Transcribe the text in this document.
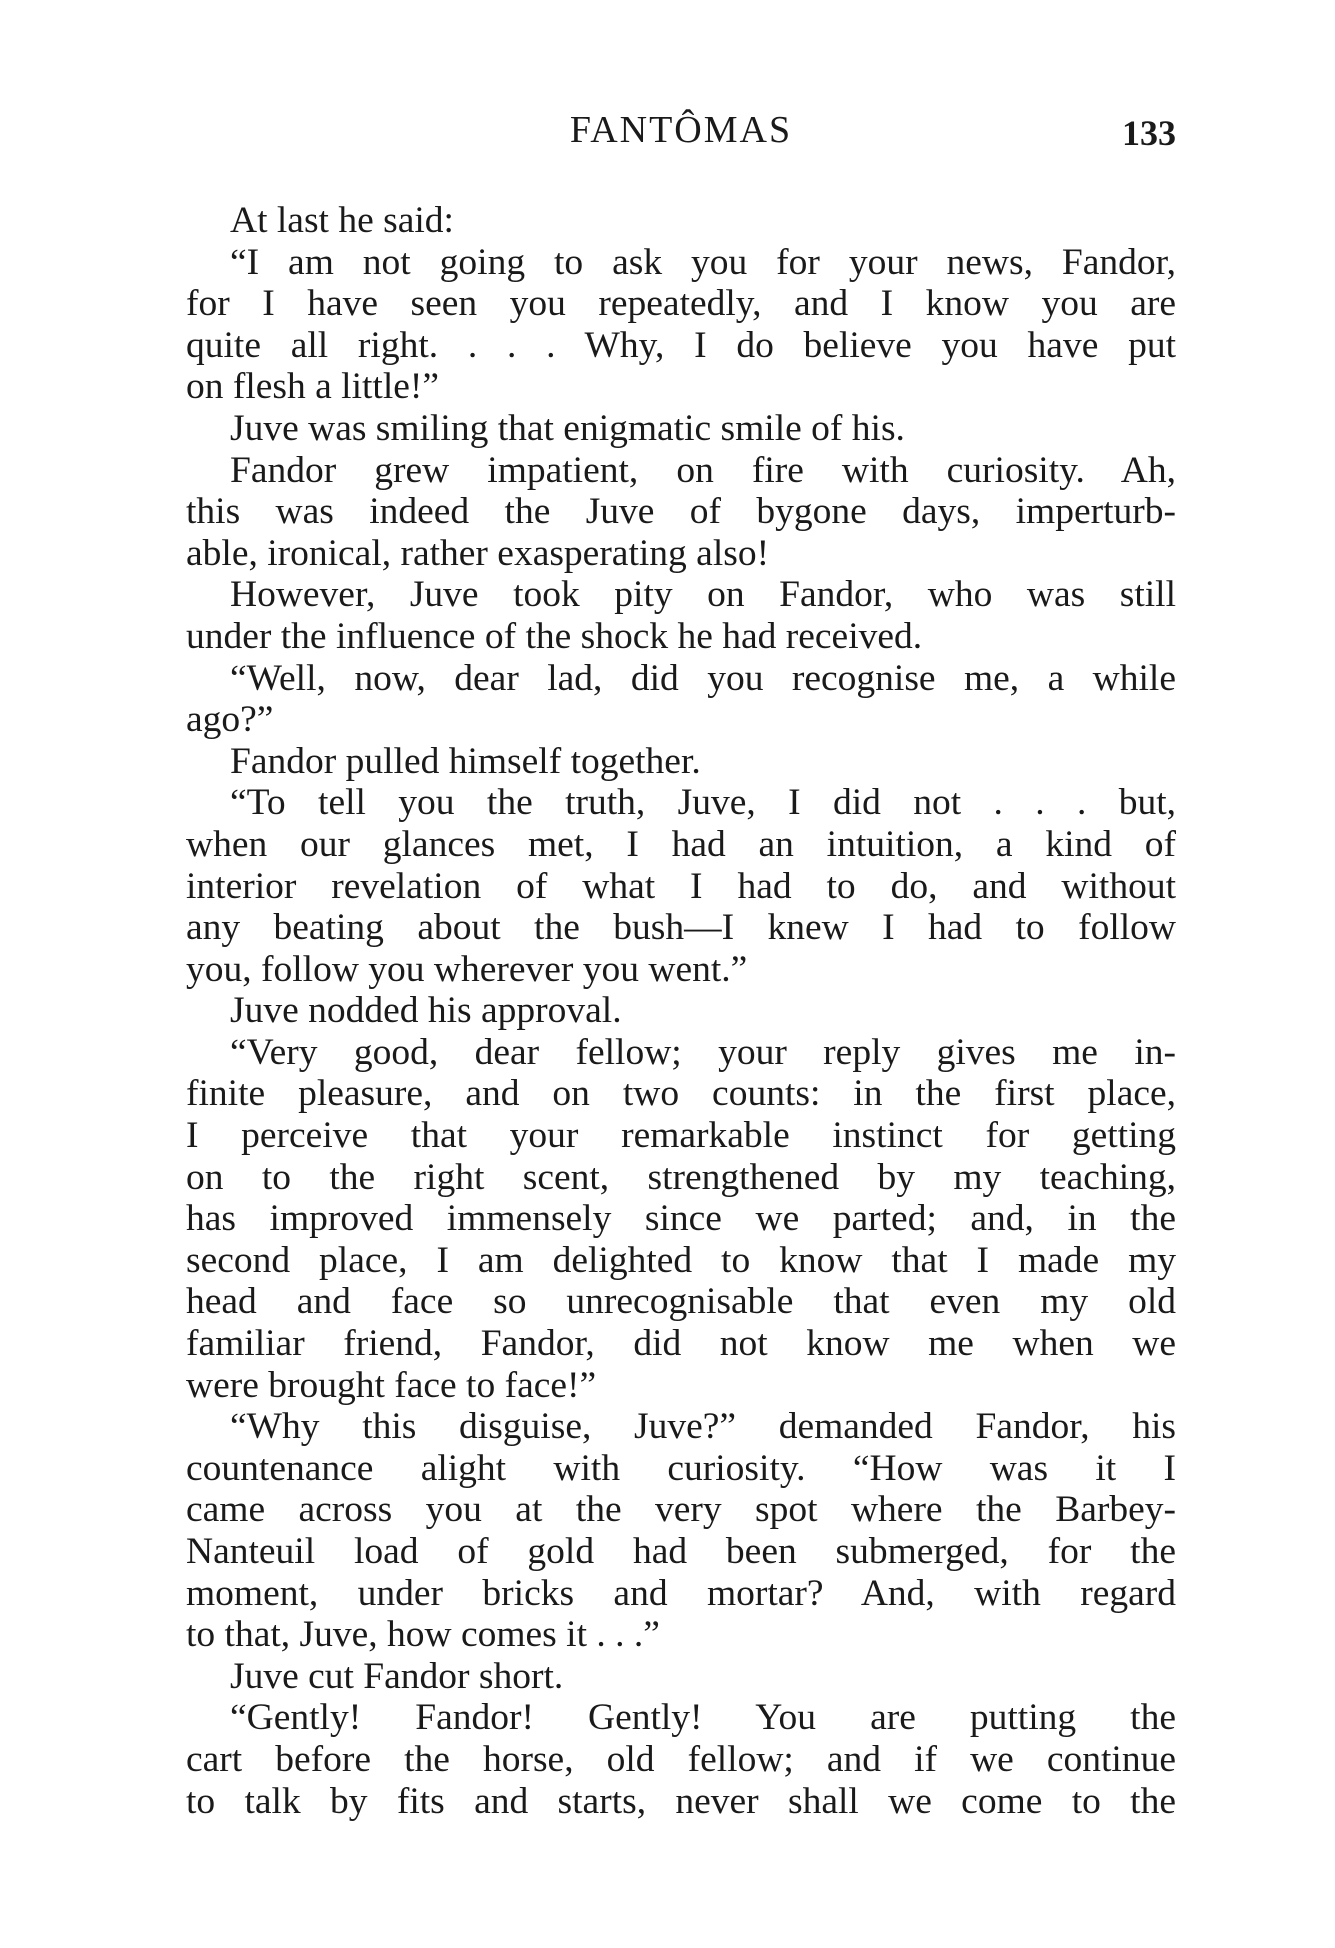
FANTÔMAS	133
At last he said:
“I am not going to ask you for your news, Fandor,
for I have seen you repeatedly, and I know you are
quite all right. . . . Why, I do believe you have put
on flesh a little!”
Juve was smiling that enigmatic smile of his.
Fandor grew impatient, on fire with curiosity. Ah,
this was indeed the Juve of bygone days, imperturb-
able, ironical, rather exasperating also!
However, Juve took pity on Fandor, who was still
under the influence of the shock he had received.
“Well, now, dear lad, did you recognise me, a while
ago?”
Fandor pulled himself together.
“To tell you the truth, Juve, I did not . . . but,
when our glances met, I had an intuition, a kind of
interior revelation of what I had to do, and without
any beating about the bush—I knew I had to follow
you, follow you wherever you went.”
Juve nodded his approval.
“Very good, dear fellow; your reply gives me in-
finite pleasure, and on two counts: in the first place,
I perceive that your remarkable instinct for getting
on to the right scent, strengthened by my teaching,
has improved immensely since we parted; and, in the
second place, I am delighted to know that I made my
head and face so unrecognisable that even my old
familiar friend, Fandor, did not know me when we
were brought face to face!”
“Why this disguise, Juve?” demanded Fandor, his
countenance alight with curiosity. “How was it I
came across you at the very spot where the Barbey-
Nanteuil load of gold had been submerged, for the
moment, under bricks and mortar? And, with regard
to that, Juve, how comes it . . .”
Juve cut Fandor short.
“Gently! Fandor! Gently! You are putting the
cart before the horse, old fellow; and if we continue
to talk by fits and starts, never shall we come to the
